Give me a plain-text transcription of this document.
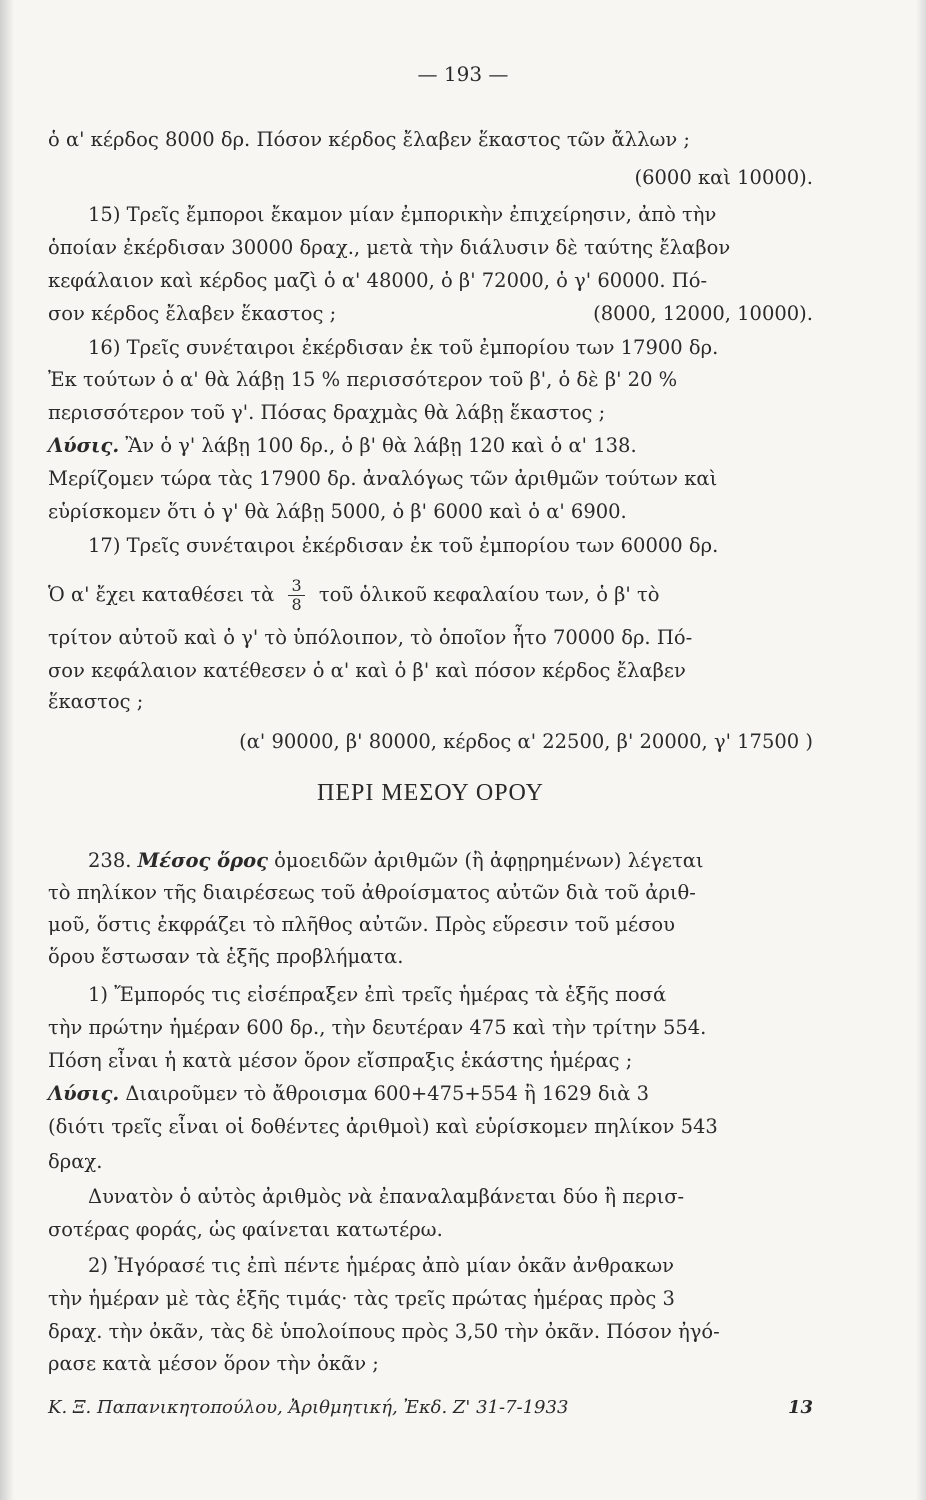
— 193 —
ὁ α' κέρδος 8000 δρ. Πόσον κέρδος ἔλαβεν ἕκαστος τῶν ἄλλων ;
(6000 καὶ 10000).
15) Τρεῖς ἔμποροι ἔκαμον μίαν ἐμπορικὴν ἐπιχείρησιν, ἀπὸ τὴν
ὁποίαν ἐκέρδισαν 30000 δραχ., μετὰ τὴν διάλυσιν δὲ ταύτης ἔλαβον
κεφάλαιον καὶ κέρδος μαζὶ ὁ α' 48000, ὁ β' 72000, ὁ γ' 60000. Πό-
σον κέρδος ἔλαβεν ἕκαστος ;	(8000, 12000, 10000).
16) Τρεῖς συνέταιροι ἐκέρδισαν ἐκ τοῦ ἐμπορίου των 17900 δρ.
Ἐκ τούτων ὁ α' θὰ λάβῃ 15 % περισσότερον τοῦ β', ὁ δὲ β' 20 %
περισσότερον τοῦ γ'. Πόσας δραχμὰς θὰ λάβῃ ἕκαστος ;
Λύσις. Ἂν ὁ γ' λάβῃ 100 δρ., ὁ β' θὰ λάβῃ 120 καὶ ὁ α' 138.
Μερίζομεν τώρα τὰς 17900 δρ. ἀναλόγως τῶν ἀριθμῶν τούτων καὶ
εὑρίσκομεν ὅτι ὁ γ' θὰ λάβῃ 5000, ὁ β' 6000 καὶ ὁ α' 6900.
17) Τρεῖς συνέταιροι ἐκέρδισαν ἐκ τοῦ ἐμπορίου των 60000 δρ.
Ὁ α' ἔχει καταθέσει τὰ $\frac{3}{8}$ τοῦ ὁλικοῦ κεφαλαίου των, ὁ β' τὸ
τρίτον αὐτοῦ καὶ ὁ γ' τὸ ὑπόλοιπον, τὸ ὁποῖον ἦτο 70000 δρ. Πό-
σον κεφάλαιον κατέθεσεν ὁ α' καὶ ὁ β' καὶ πόσον κέρδος ἔλαβεν
ἕκαστος ;
(α' 90000, β' 80000, κέρδος α' 22500, β' 20000, γ' 17500 )
ΠΕΡΙ ΜΕΣΟΥ ΟΡΟΥ
238. Μέσος ὅρος ὁμοειδῶν ἀριθμῶν (ἢ ἀφῃρημένων) λέγεται
τὸ πηλίκον τῆς διαιρέσεως τοῦ ἀθροίσματος αὐτῶν διὰ τοῦ ἀριθ-
μοῦ, ὅστις ἐκφράζει τὸ πλῆθος αὐτῶν. Πρὸς εὕρεσιν τοῦ μέσου
ὅρου ἔστωσαν τὰ ἑξῆς προβλήματα.
1) Ἔμπορός τις εἰσέπραξεν ἐπὶ τρεῖς ἡμέρας τὰ ἑξῆς ποσά
τὴν πρώτην ἡμέραν 600 δρ., τὴν δευτέραν 475 καὶ τὴν τρίτην 554.
Πόση εἶναι ἡ κατὰ μέσον ὅρον εἴσπραξις ἑκάστης ἡμέρας ;
Λύσις. Διαιροῦμεν τὸ ἄθροισμα 600+475+554 ἢ 1629 διὰ 3
(διότι τρεῖς εἶναι οἱ δοθέντες ἀριθμοὶ) καὶ εὑρίσκομεν πηλίκον 543
δραχ.
Δυνατὸν ὁ αὐτὸς ἀριθμὸς νὰ ἐπαναλαμβάνεται δύο ἢ περισ-
σοτέρας φοράς, ὡς φαίνεται κατωτέρω.
2) Ἠγόρασέ τις ἐπὶ πέντε ἡμέρας ἀπὸ μίαν ὀκᾶν ἀνθρακων
τὴν ἡμέραν μὲ τὰς ἑξῆς τιμάς· τὰς τρεῖς πρώτας ἡμέρας πρὸς 3
δραχ. τὴν ὀκᾶν, τὰς δὲ ὑπολοίπους πρὸς 3,50 τὴν ὀκᾶν. Πόσον ἠγό-
ρασε κατὰ μέσον ὅρον τὴν ὀκᾶν ;
Κ. Ξ. Παπανικητοπούλου, Ἀριθμητική, Ἐκδ. Ζ' 31-7-1933	13
